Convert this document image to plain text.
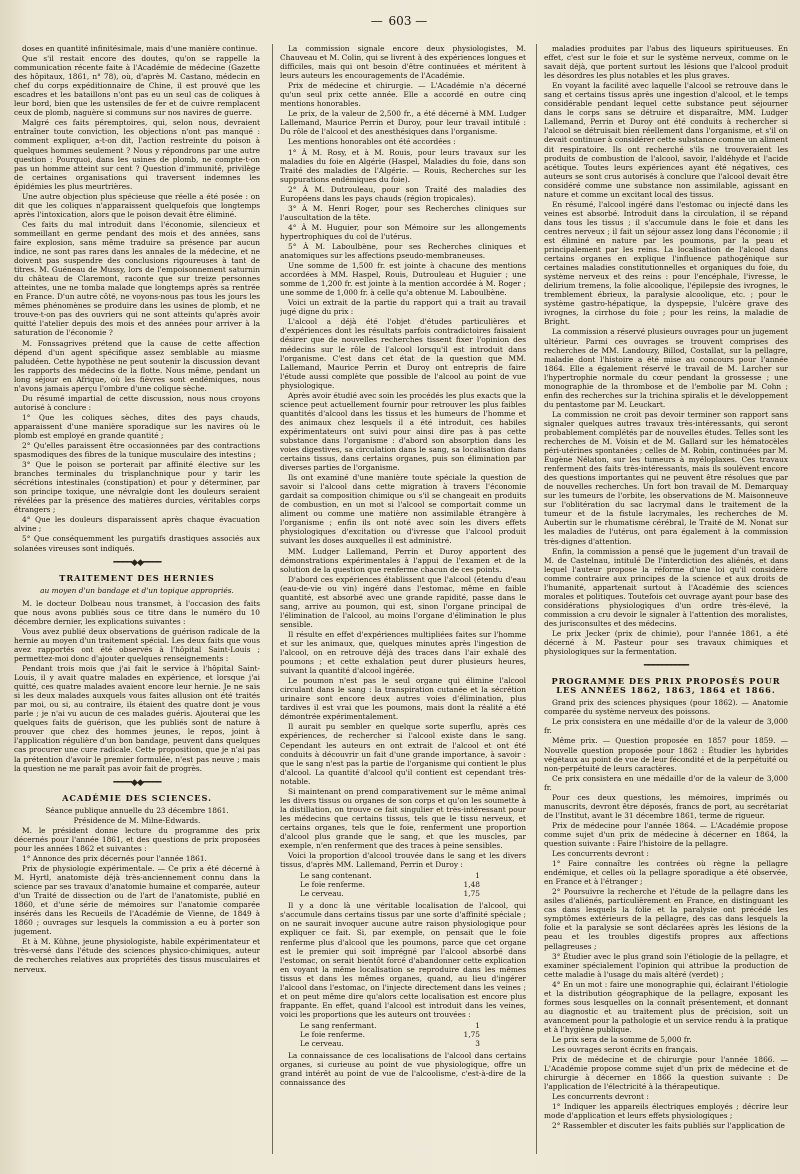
— 603 —

doses en quantité infinitésimale, mais d'une manière continue.

Que s'il restait encore des doutes, qu'on se rappelle la communication récente faite à l'Académie de médecine (Gazette des hôpitaux, 1861, n° 78), où, d'après M. Castano, médecin en chef du corps expéditionnaire de Chine, il est prouvé que les escadres et les bataillons n'ont pas eu un seul cas de coliques à leur bord, bien que les ustensiles de fer et de cuivre remplacent ceux de plomb, naguère si communs sur nos navires de guerre.

Malgré ces faits péremptoires, qui, selon nous, devraient entraîner toute conviction, les objections n'ont pas manqué : comment expliquer, a-t-on dit, l'action restreinte du poison à quelques hommes seulement ? Nous y répondrons par une autre question : Pourquoi, dans les usines de plomb, ne compte-t-on pas un homme atteint sur cent ? Question d'immunité, privilège de certaines organisations qui traversent indemnes les épidémies les plus meurtrières.

Une autre objection plus spécieuse que réelle a été posée : on dit que les coliques n'apparaissent quelquefois que longtemps après l'intoxication, alors que le poison devait être éliminé.

Ces faits du mal introduit dans l'économie, silencieux et sommeillant en germe pendant des mois et des années, sans faire explosion, sans même traduire sa présence par aucun indice, ne sont pas rares dans les annales de la médecine, et ne doivent pas suspendre des conclusions rigoureuses à tant de titres. M. Guéneau de Mussy, lors de l'empoisonnement saturnin du château de Claremont, raconte que sur treize personnes atteintes, une ne tomba malade que longtemps après sa rentrée en France. D'un autre côté, ne voyons-nous pas tous les jours les mêmes phénomènes se produire dans les usines de plomb, et ne trouve-t-on pas des ouvriers qui ne sont atteints qu'après avoir quitté l'atelier depuis des mois et des années pour arriver à la saturation de l'économie ?

M. Fonssagrives prétend que la cause de cette affection dépend d'un agent spécifique assez semblable au miasme paludéen. Cette hypothèse ne peut soutenir la discussion devant les rapports des médecins de la flotte. Nous même, pendant un long séjour en Afrique, où les fièvres sont endémiques, nous n'avons jamais aperçu l'ombre d'une colique sèche.

Du résumé impartial de cette discussion, nous nous croyons autorisé à conclure :

1° Que les coliques sèches, dites des pays chauds, apparaissent d'une manière sporadique sur les navires où le plomb est employé en grande quantité ;

2° Qu'elles paraissent être occasionnées par des contractions spasmodiques des fibres de la tunique musculaire des intestins ;

3° Que le poison se porterait par affinité élective sur les branches terminales du trisplanchnique pour y tarir les sécrétions intestinales (constipation) et pour y déterminer, par son principe toxique, une névralgie dont les douleurs seraient révélées par la présence des matières durcies, véritables corps étrangers ;

4° Que les douleurs disparaissent après chaque évacuation alvine ;

5° Que conséquemment les purgatifs drastiques associés aux solanées vireuses sont indiqués.

━━━━◆◆━━━━
TRAITEMENT DES HERNIES
au moyen d'un bandage et d'un topique appropriés.

M. le docteur Dolbeau nous transmet, à l'occasion des faits que nous avons publiés sous ce titre dans le numéro du 10 décembre dernier, les explications suivantes :

Vous avez publié deux observations de guérison radicale de la hernie au moyen d'un traitement spécial. Les deux faits que vous avez rapportés ont été observés à l'hôpital Saint-Louis ; permettez-moi donc d'ajouter quelques renseignements :

Pendant trois mois que j'ai fait le service à l'hôpital Saint-Louis, il y avait quatre malades en expérience, et lorsque j'ai quitté, ces quatre malades avaient encore leur hernie. Je ne sais si les deux malades auxquels vous faites allusion ont été traités par moi, ou si, au contraire, ils étaient des quatre dont je vous parle ; je n'ai vu aucun de ces malades guéris. Ajouterai que les quelques faits de guérison, que les publiés sont de nature à prouver que chez des hommes jeunes, le repos, joint à l'application régulière d'un bon bandage, peuvent dans quelques cas procurer une cure radicale. Cette proposition, que je n'ai pas la prétention d'avoir le premier formulée, n'est pas neuve ; mais la question ne me paraît pas avoir fait de progrès.

━━━━◆◆━━━━
ACADÉMIE DES SCIENCES.

Séance publique annuelle du 23 décembre 1861.

Présidence de M. Milne-Edwards.

M. le président donne lecture du programme des prix décernés pour l'année 1861, et des questions de prix proposées pour les années 1862 et suivantes :

1° Annonce des prix décernés pour l'année 1861.

Prix de physiologie expérimentale. — Ce prix a été décerné à M. Hyrtl, anatomiste déjà très-anciennement connu dans la science par ses travaux d'anatomie humaine et comparée, auteur d'un Traité de dissection ou de l'art de l'anatomiste, publié en 1860, et d'une série de mémoires sur l'anatomie comparée insérés dans les Recueils de l'Académie de Vienne, de 1849 à 1860 ; ouvrages sur lesquels la commission a eu à porter son jugement.

Et à M. Kühne, jeune physiologiste, habile expérimentateur et très-versé dans l'étude des sciences physico-chimiques, auteur de recherches relatives aux propriétés des tissus musculaires et nerveux.

La commission signale encore deux physiologistes, M. Chauveau et M. Colin, qui se livrent à des expériences longues et difficiles, mais qui ont besoin d'être continuées et méritent à leurs auteurs les encouragements de l'Académie.

Prix de médecine et chirurgie. — L'Académie n'a décerné qu'un seul prix cette année. Elle a accordé en outre cinq mentions honorables.

Le prix, de la valeur de 2,500 fr., a été décerné à MM. Ludger Lallemand, Maurice Perrin et Duroy, pour leur travail intitulé : Du rôle de l'alcool et des anesthésiques dans l'organisme.

Les mentions honorables ont été accordées :

1° À M. Rosy, et à M. Rouis, pour leurs travaux sur les maladies du foie en Algérie (Haspel, Maladies du foie, dans son Traité des maladies de l'Algérie. — Rouis, Recherches sur les suppurations endémiques du foie).

2° À M. Dutrouleau, pour son Traité des maladies des Européens dans les pays chauds (région tropicales).

3° À M. Henri Roger, pour ses Recherches cliniques sur l'auscultation de la tête.

4° À M. Huguier, pour son Mémoire sur les allongements hypertrophiques du col de l'utérus.

5° À M. Laboulbène, pour ses Recherches cliniques et anatomiques sur les affections pseudo-membraneuses.

Une somme de 1,500 fr. est jointe à chacune des mentions accordées à MM. Haspel, Rouis, Dutrouleau et Huguier ; une somme de 1,200 fr. est jointe à la mention accordée à M. Roger ; une somme de 1,000 fr. à celle qu'a obtenue M. Laboulbène.

Voici un extrait de la partie du rapport qui a trait au travail jugé digne du prix :

L'alcool a déjà été l'objet d'études particulières et d'expériences dont les résultats parfois contradictoires faisaient désirer que de nouvelles recherches tissent fixer l'opinion des médecins sur le rôle de l'alcool lorsqu'il est introduit dans l'organisme. C'est dans cet état de la question que MM. Lallemand, Maurice Perrin et Duroy ont entrepris de faire l'étude aussi complète que possible de l'alcool au point de vue physiologique.

Après avoir étudié avec soin les procédés les plus exacts que la science peut actuellement fournir pour retrouver les plus faibles quantités d'alcool dans les tissus et les humeurs de l'homme et des animaux chez lesquels il a été introduit, ces habiles expérimentateurs ont suivi pour ainsi dire pas à pas cette substance dans l'organisme : d'abord son absorption dans les voies digestives, sa circulation dans le sang, sa localisation dans certains tissus, dans certains organes, puis son élimination par diverses parties de l'organisme.

Ils ont examiné d'une manière toute spéciale la question de savoir si l'alcool dans cette migration à travers l'économie gardait sa composition chimique ou s'il se changeait en produits de combustion, en un mot si l'alcool se comportait comme un aliment ou comme une matière non assimilable étrangère à l'organisme ; enfin ils ont noté avec soin les divers effets physiologiques d'excitation ou d'ivresse que l'alcool produit suivant les doses auxquelles il est administré.

MM. Ludger Lallemand, Perrin et Duroy apportent des démonstrations expérimentales à l'appui de l'examen et de la solution de la question que renferme chacun de ces points.

D'abord ces expériences établissent que l'alcool (étendu d'eau (eau-de-vie ou vin) ingéré dans l'estomac, même en faible quantité, est absorbé avec une grande rapidité, passe dans le sang, arrive au poumon, qui est, sinon l'organe principal de l'élimination de l'alcool, au moins l'organe d'élimination le plus sensible.

Il résulte en effet d'expériences multipliées faites sur l'homme et sur les animaux, que, quelques minutes après l'ingestion de l'alcool, on en retrouve déjà des traces dans l'air exhalé des poumons ; et cette exhalation peut durer plusieurs heures, suivant la quantité d'alcool ingérée.

Le poumon n'est pas le seul organe qui élimine l'alcool circulant dans le sang : la transpiration cutanée et la sécrétion urinaire sont encore deux autres voies d'élimination, plus tardives il est vrai que les poumons, mais dont la réalité a été démontrée expérimentalement.

Il aurait pu sembler en quelque sorte superflu, après ces expériences, de rechercher si l'alcool existe dans le sang. Cependant les auteurs en ont extrait de l'alcool et ont été conduits à découvrir un fait d'une grande importance, à savoir : que le sang n'est pas la partie de l'organisme qui contient le plus d'alcool. La quantité d'alcool qu'il contient est cependant très-notable.

Si maintenant on prend comparativement sur le même animal les divers tissus ou organes de son corps et qu'on les soumette à la distillation, on trouve ce fait singulier et très-intéressant pour les médecins que certains tissus, tels que le tissu nerveux, et certains organes, tels que le foie, renferment une proportion d'alcool plus grande que le sang, et que les muscles, par exemple, n'en renferment que des traces à peine sensibles.

Voici la proportion d'alcool trouvée dans le sang et les divers tissus, d'après MM. Lallemand, Perrin et Duroy :

Le sang contenant.	1
Le foie renferme.	1,48
Le cerveau.	1,75

Il y a donc là une véritable localisation de l'alcool, qui s'accumule dans certains tissus par une sorte d'affinité spéciale ; on ne saurait invoquer aucune autre raison physiologique pour expliquer ce fait. Si, par exemple, on pensait que le foie renferme plus d'alcool que les poumons, parce que cet organe est le premier qui soit imprégné par l'alcool absorbé dans l'estomac, on serait bientôt forcé d'abandonner cette explication en voyant la même localisation se reproduire dans les mêmes tissus et dans les mêmes organes, quand, au lieu d'ingérer l'alcool dans l'estomac, on l'injecte directement dans les veines ; et on peut même dire qu'alors cette localisation est encore plus frappante. En effet, quand l'alcool est introduit dans les veines, voici les proportions que les auteurs ont trouvées :

Le sang renfermant.	1
Le foie renferme.	1,75
Le cerveau.	3

La connaissance de ces localisations de l'alcool dans certains organes, si curieuse au point de vue physiologique, offre un grand intérêt au point de vue de l'alcoolisme, c'est-à-dire de la connaissance des

maladies produites par l'abus des liqueurs spiritueuses. En effet, c'est sur le foie et sur le système nerveux, comme on le savait déjà, que portent surtout les lésions que l'alcool produit les désordres les plus notables et les plus graves.

En voyant la facilité avec laquelle l'alcool se retrouve dans le sang et certains tissus après une ingestion d'alcool, et le temps considérable pendant lequel cette substance peut séjourner dans le corps sans se détruire et disparaître, MM. Ludger Lallemand, Perrin et Duroy ont été conduits à rechercher si l'alcool se détruisait bien réellement dans l'organisme, et s'il on devait continuer à considérer cette substance comme un aliment dit respiratoire. Ils ont recherché s'ils ne trouveraient les produits de combustion de l'alcool, savoir, l'aldéhyde et l'acide acétique. Toutes leurs expériences ayant été négatives, ces auteurs se sont crus autorisés à conclure que l'alcool devait être considéré comme une substance non assimilable, agissant en nature et comme un excitant local des tissus.

En résumé, l'alcool ingéré dans l'estomac ou injecté dans les veines est absorbé. Introduit dans la circulation, il se répand dans tous les tissus ; il s'accumule dans le foie et dans les centres nerveux ; il fait un séjour assez long dans l'économie ; il est éliminé en nature par les poumons, par la peau et principalement par les reins. La localisation de l'alcool dans certains organes en explique l'influence pathogénique sur certaines maladies constitutionnelles et organiques du foie, du système nerveux et des reins : pour l'encéphale, l'ivresse, le delirium tremens, la folie alcoolique, l'épilepsie des ivrognes, le tremblement ébrieux, la paralysie alcoolique, etc. ; pour le système gastro-hépatique, la dyspepsie, l'ulcère grave des ivrognes, la cirrhose du foie ; pour les reins, la maladie de Bright.

La commission a réservé plusieurs ouvrages pour un jugement ultérieur. Parmi ces ouvrages se trouvent comprises des recherches de MM. Landouzy, Billod, Costallat, sur la pellagre, maladie dont l'histoire a été mise au concours pour l'année 1864. Elle a également réservé le travail de M. Larcher sur l'hypertrophie normale du cœur pendant la grossesse ; une monographie de la thrombose et de l'embolie par M. Cohn ; enfin des recherches sur la trichina spiralis et le développement du pentastome par M. Leuckart.

La commission ne croit pas devoir terminer son rapport sans signaler quelques autres travaux très-intéressants, qui seront probablement complétés par de nouvelles études. Telles sont les recherches de M. Voisin et de M. Gallard sur les hématocèles péri-utérines spontanées ; celles de M. Robin, continuées par M. Eugène Nélaton, sur les tumeurs à myéloplaxes. Ces travaux renferment des faits très-intéressants, mais ils soulèvent encore des questions importantes qui ne peuvent être résolues que par de nouvelles recherches. Un fort bon travail de M. Demarquay sur les tumeurs de l'orbite, les observations de M. Maisonneuve sur l'oblitération du sac lacrymal dans le traitement de la tumeur et de la fistule lacrymales, les recherches de M. Aubertin sur le rhumatisme cérébral, le Traité de M. Nonat sur les maladies de l'utérus, ont para également à la commission très-dignes d'attention.

Enfin, la commission a pensé que le jugement d'un travail de M. de Castelnau, intitulé De l'interdiction des aliénés, et dans lequel l'auteur propose la réforme d'une loi qu'il considère comme contraire aux principes de la science et aux droits de l'humanité, appartenait surtout à l'Académie des sciences morales et politiques. Toutefois cet ouvrage ayant pour base des considérations physiologiques d'un ordre très-élevé, la commission a cru devoir le signaler à l'attention des moralistes, des jurisconsultes et des médecins.

Le prix Jecker (prix de chimie), pour l'année 1861, a été décerné à M. Pasteur pour ses travaux chimiques et physiologiques sur la fermentation.

━━━━━━━━━━
PROGRAMME DES PRIX PROPOSÉS POUR LES ANNÉES 1862, 1863, 1864 et 1866.

Grand prix des sciences physiques (pour 1862). — Anatomie comparée du système nerveux des poissons.

Le prix consistera en une médaille d'or de la valeur de 3,000 fr.

Même prix. — Question proposée en 1857 pour 1859. — Nouvelle question proposée pour 1862 : Étudier les hybrides végétaux au point de vue de leur fécondité et de la perpétuité ou non-perpétuité de leurs caractères.

Ce prix consistera en une médaille d'or de la valeur de 3,000 fr.

Pour ces deux questions, les mémoires, imprimés ou manuscrits, devront être déposés, francs de port, au secrétariat de l'Institut, avant le 31 décembre 1861, terme de rigueur.

Prix de médecine pour l'année 1864. — L'Académie propose comme sujet d'un prix de médecine à décerner en 1864, la question suivante : Faire l'histoire de la pellagre.

Les concurrents devront :

1° Faire connaître les contrées où règne la pellagre endémique, et celles où la pellagre sporadique a été observée, en France et à l'étranger ;

2° Poursuivre la recherche et l'étude de la pellagre dans les asiles d'aliénés, particulièrement en France, en distinguant les cas dans lesquels la folie et la paralysie ont précédé les symptômes extérieurs de la pellagre, des cas dans lesquels la folie et la paralysie se sont déclarées après les lésions de la peau et les troubles digestifs propres aux affections pellagreuses ;

3° Étudier avec le plus grand soin l'étiologie de la pellagre, et examiner spécialement l'opinion qui attribue la production de cette maladie à l'usage du maïs altéré (verdet) ;

4° En un mot : faire une monographie qui, éclairant l'étiologie et la distribution géographique de la pellagre, exposant les formes sous lesquelles on la connaît présentement, et donnant au diagnostic et au traitement plus de précision, soit un avancement pour la pathologie et un service rendu à la pratique et à l'hygiène publique.

Le prix sera de la somme de 5,000 fr.

Les ouvrages seront écrits en français.

Prix de médecine et de chirurgie pour l'année 1866. — L'Académie propose comme sujet d'un prix de médecine et de chirurgie à décerner en 1866 la question suivante : De l'application de l'électricité à la thérapeutique.

Les concurrents devront :

1° Indiquer les appareils électriques employés ; décrire leur mode d'application et leurs effets physiologiques ;

2° Rassembler et discuter les faits publiés sur l'application de
